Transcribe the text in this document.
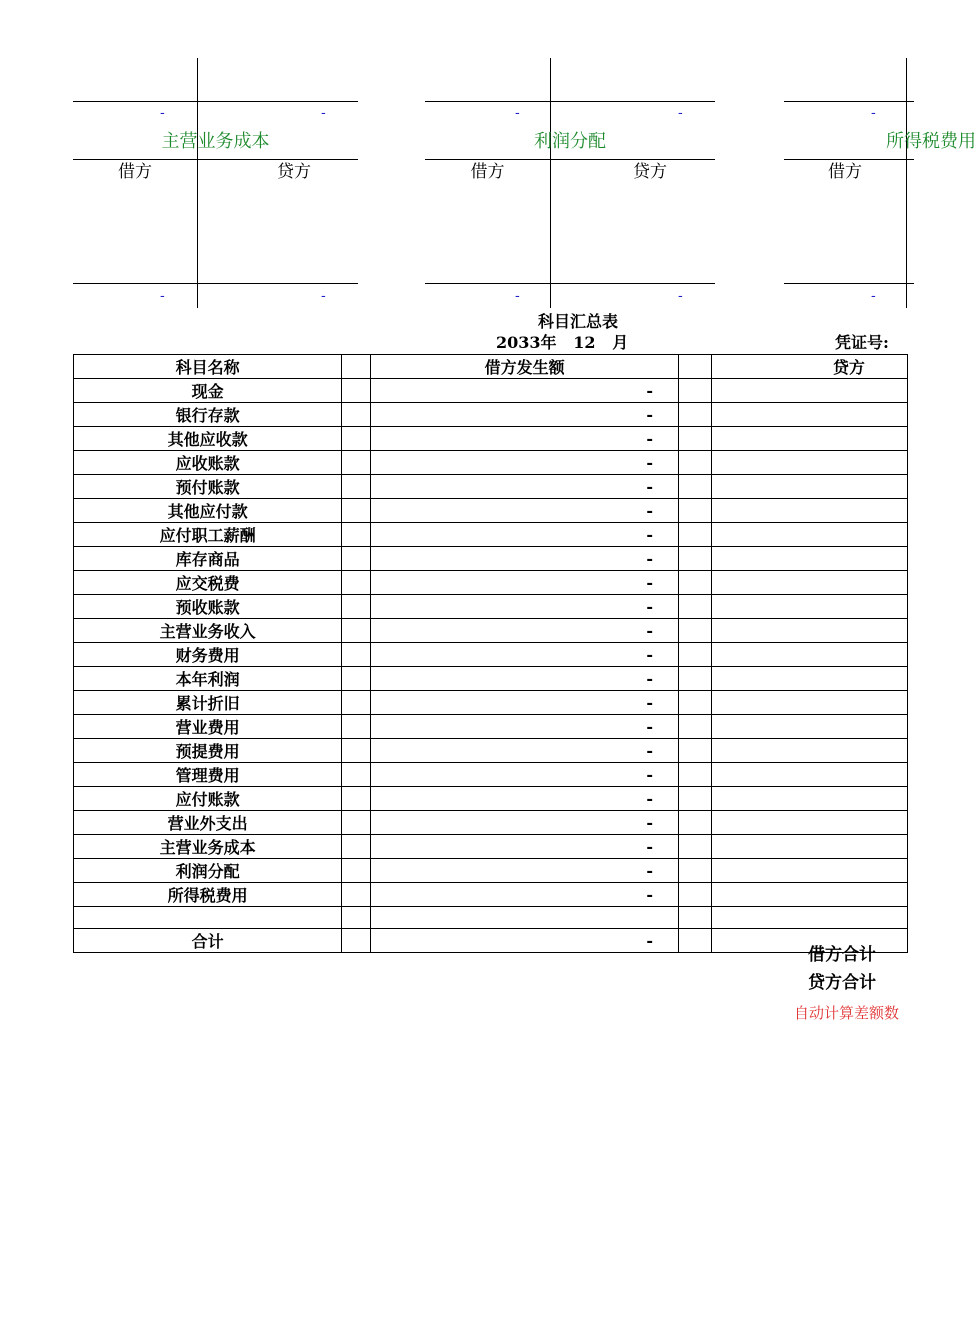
-	-
主营业务成本
借方	贷方
-	-
-	-
利润分配
借方	贷方
-	-
-
所得税费用
借方
-
科目汇总表
2033年   12   月	凭证号:
科目名称		借方发生额		贷方
现金		-		
银行存款		-		
其他应收款		-		
应收账款		-		
预付账款		-		
其他应付款		-		
应付职工薪酬		-		
库存商品		-		
应交税费		-		
预收账款		-		
主营业务收入		-		
财务费用		-		
本年利润		-		
累计折旧		-		
营业费用		-		
预提费用		-		
管理费用		-		
应付账款		-		
营业外支出		-		
主营业务成本		-		
利润分配		-		
所得税费用		-		

合计		-		
借方合计
贷方合计
自动计算差额数
